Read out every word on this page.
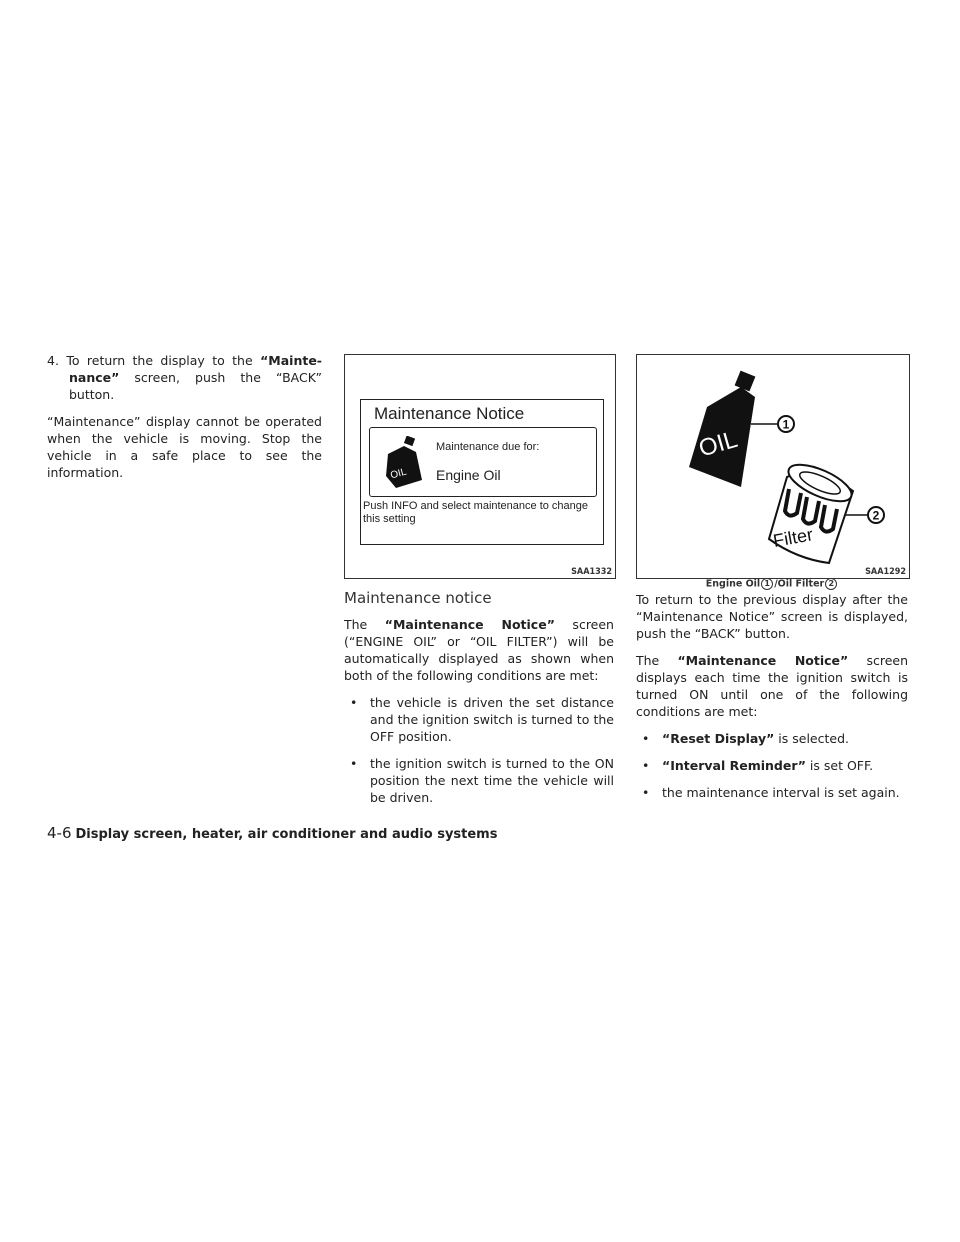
4. To return the display to the “Mainte-nance” screen, push the “BACK” button.

“Maintenance” display cannot be operated when the vehicle is moving. Stop the vehicle in a safe place to see the information.

Maintenance Notice
OIL
Maintenance due for:
Engine Oil
Push INFO and select maintenance to change this setting
SAA1332
Maintenance notice

The “Maintenance Notice” screen (“ENGINE OIL” or “OIL FILTER”) will be automatically displayed as shown when both of the following conditions are met:

• the vehicle is driven the set distance and the ignition switch is turned to the OFF position.
• the ignition switch is turned to the ON position the next time the vehicle will be driven.
OIL
1
Filter
2
SAA1292
Engine Oil 1 /Oil Filter 2

To return to the previous display after the “Maintenance Notice” screen is displayed, push the “BACK” button.

The “Maintenance Notice” screen displays each time the ignition switch is turned ON until one of the following conditions are met:

• “Reset Display” is selected.
• “Interval Reminder” is set OFF.
• the maintenance interval is set again.
4-6 Display screen, heater, air conditioner and audio systems
